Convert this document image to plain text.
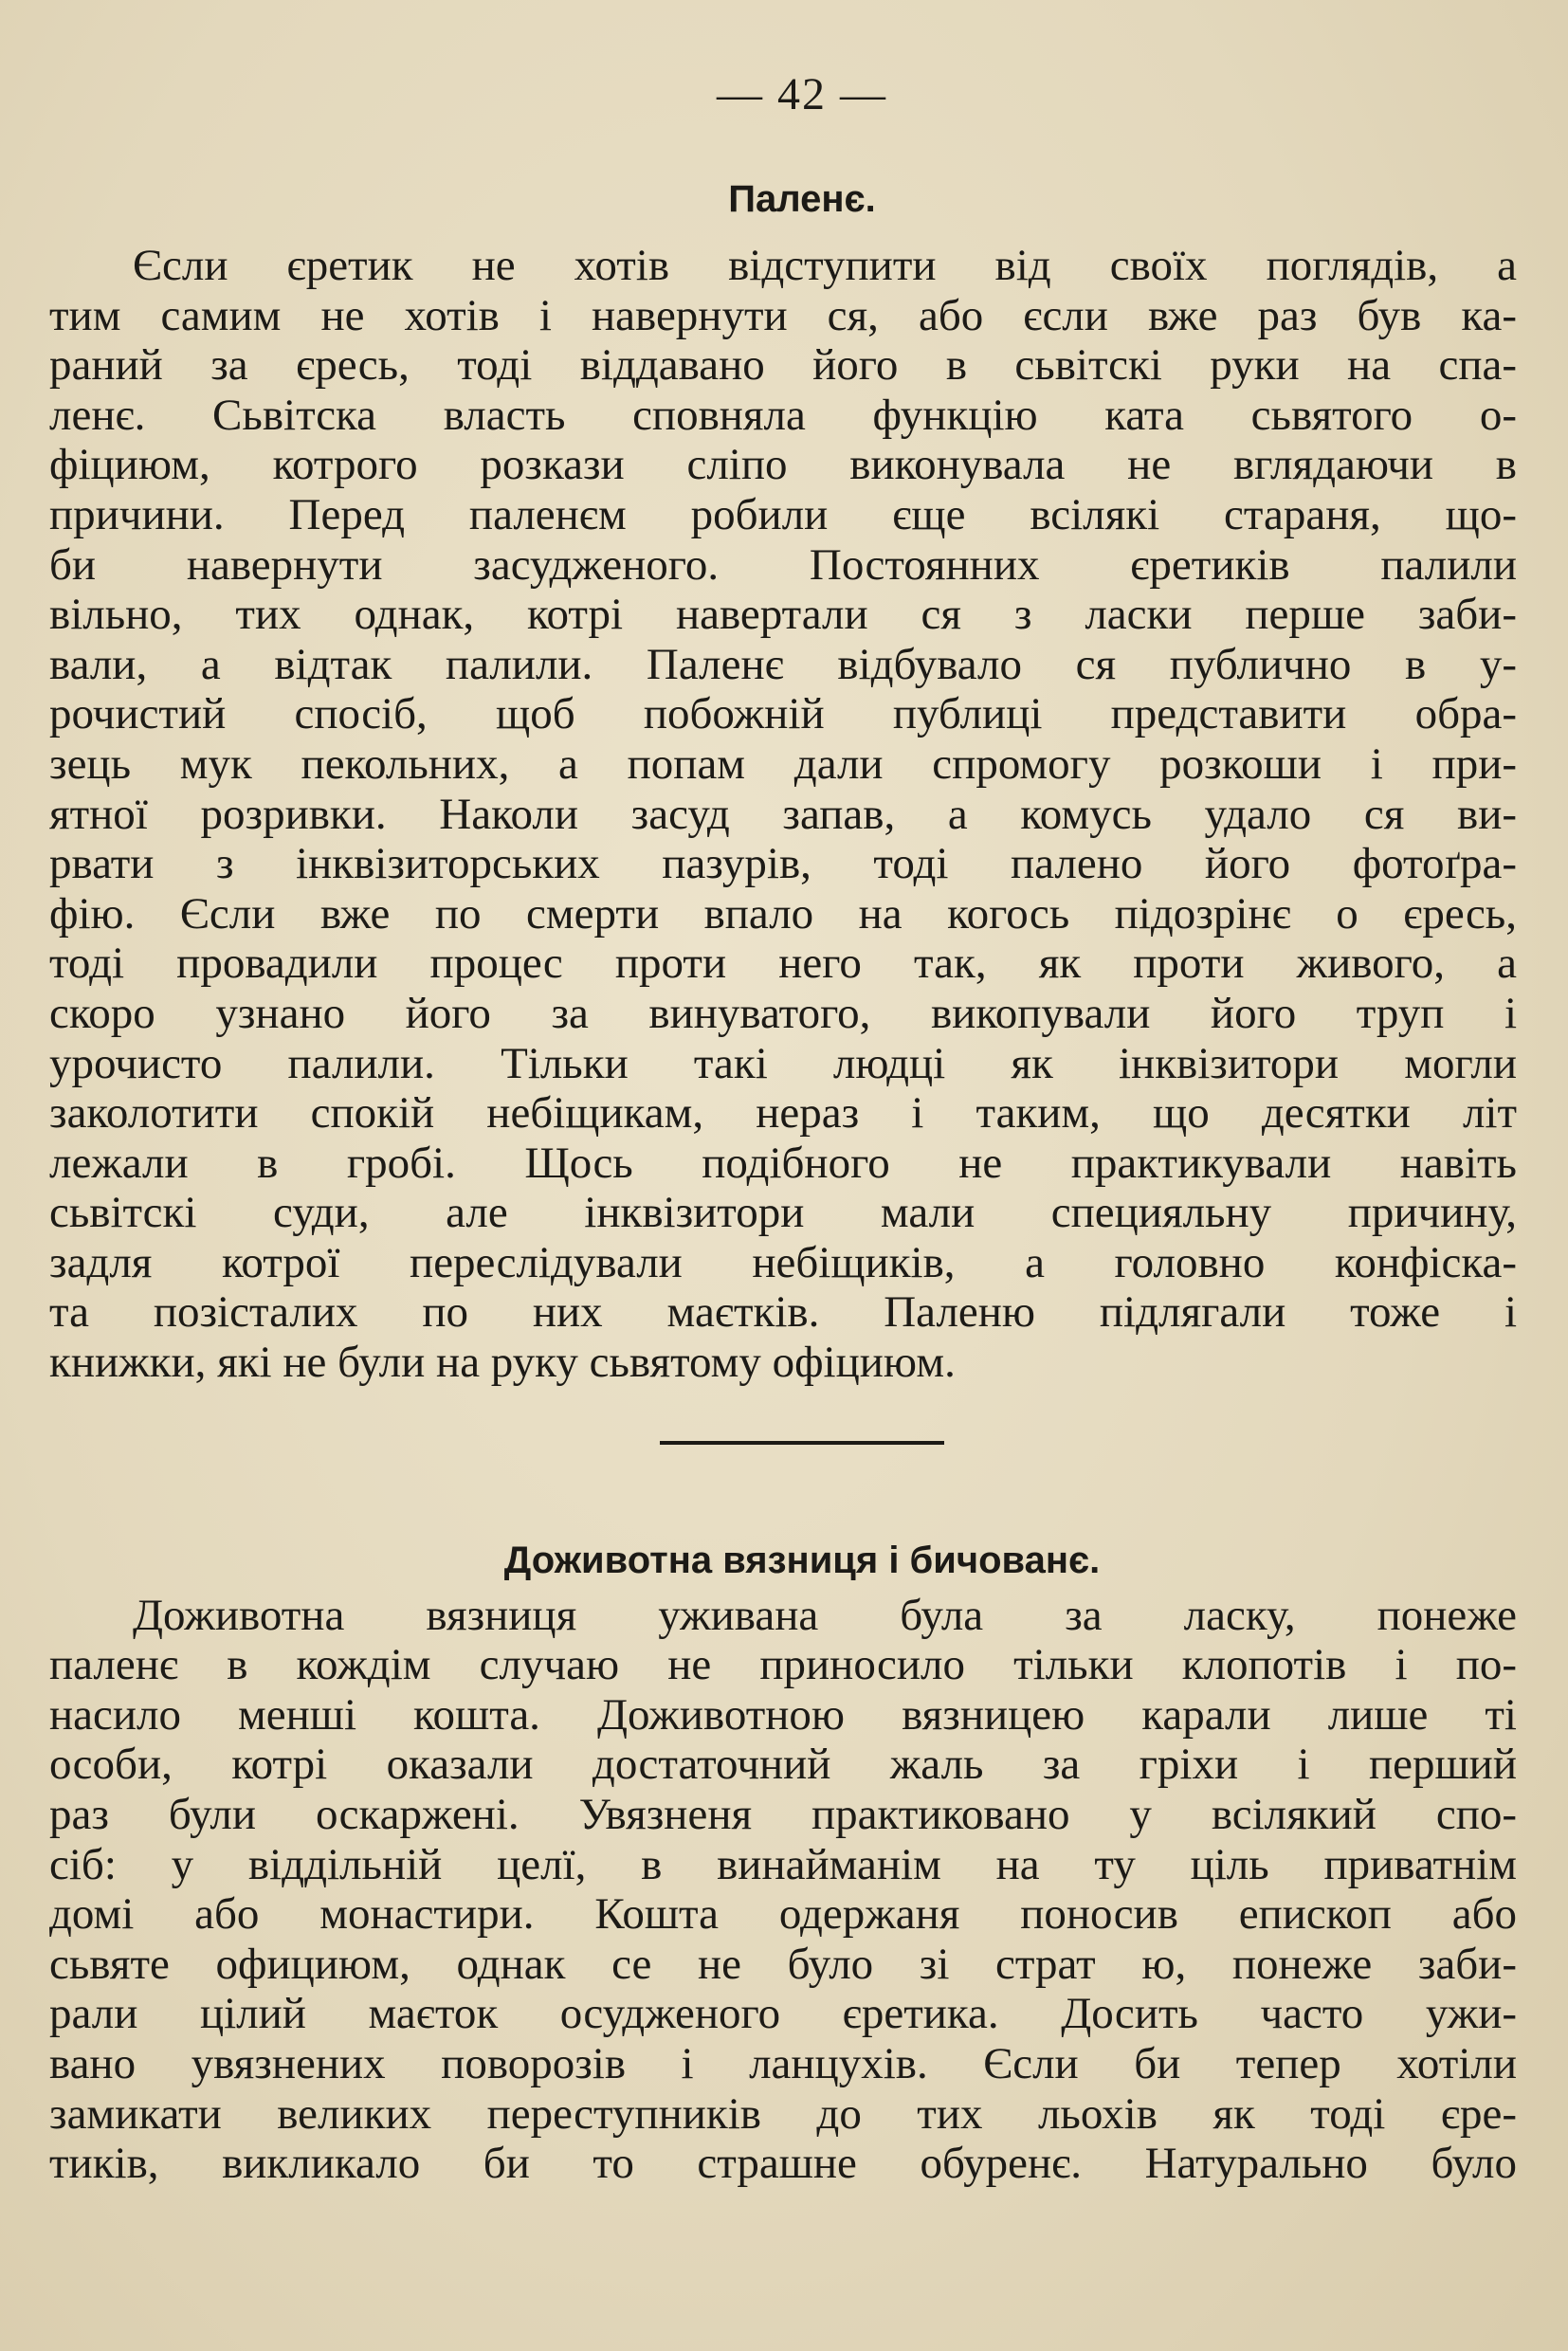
— 42 —
Паленє.
Єсли єретик не хотів відступити від своїх поглядів, а
тим самим не хотів і навернути ся, або єсли вже раз був ка-
раний за єресь, тоді віддавано його в сьвітскі руки на спа-
ленє. Сьвітска власть сповняла функцію ката сьвятого о-
фіциюм, котрого розкази сліпо виконувала не вглядаючи в
причини. Перед паленєм робили єще всілякі стараня, що-
би навернути засудженого. Постоянних єретиків палили
вільно, тих однак, котрі навертали ся з ласки перше заби-
вали, а відтак палили. Паленє відбувало ся публично в у-
рочистий спосіб, щоб побожній публиці представити обра-
зець мук пекольних, а попам дали спромогу розкоши і при-
ятної розривки. Наколи засуд запав, а комусь удало ся ви-
рвати з інквізиторських пазурів, тоді палено його фотоґра-
фію. Єсли вже по смерти впало на когось підозрінє о єресь,
тоді провадили процес проти него так, як проти живого, а
скоро узнано його за винуватого, викопували його труп і
урочисто палили. Тільки такі людці як інквізитори могли
заколотити спокій небіщикам, нераз і таким, що десятки літ
лежали в гробі. Щось подібного не практикували навіть
сьвітскі суди, але інквізитори мали специяльну причину,
задля котрої переслідували небіщиків, а головно конфіска-
та позісталих по них маєтків. Паленю підлягали тоже і
книжки, які не були на руку сьвятому офіциюм.
Доживотна вязниця і бичованє.
Доживотна вязниця уживана була за ласку, понеже
паленє в кождім случаю не приносило тільки клопотів і по-
насило менші кошта. Доживотною вязницею карали лише ті
особи, котрі оказали достаточний жаль за гріхи і перший
раз були оскаржені. Увязненя практиковано у всілякий спо-
сіб: у віддільній целї, в винайманім на ту ціль приватнім
домі або монастири. Кошта одержаня поносив епископ або
сьвяте официюм, однак се не було зі страт ю, понеже заби-
рали цілий маєток осудженого єретика. Досить часто ужи-
вано увязнених поворозів і ланцухів. Єсли би тепер хотіли
замикати великих переступників до тих льохів як тоді єре-
тиків, викликало би то страшне обуренє. Натурально було
